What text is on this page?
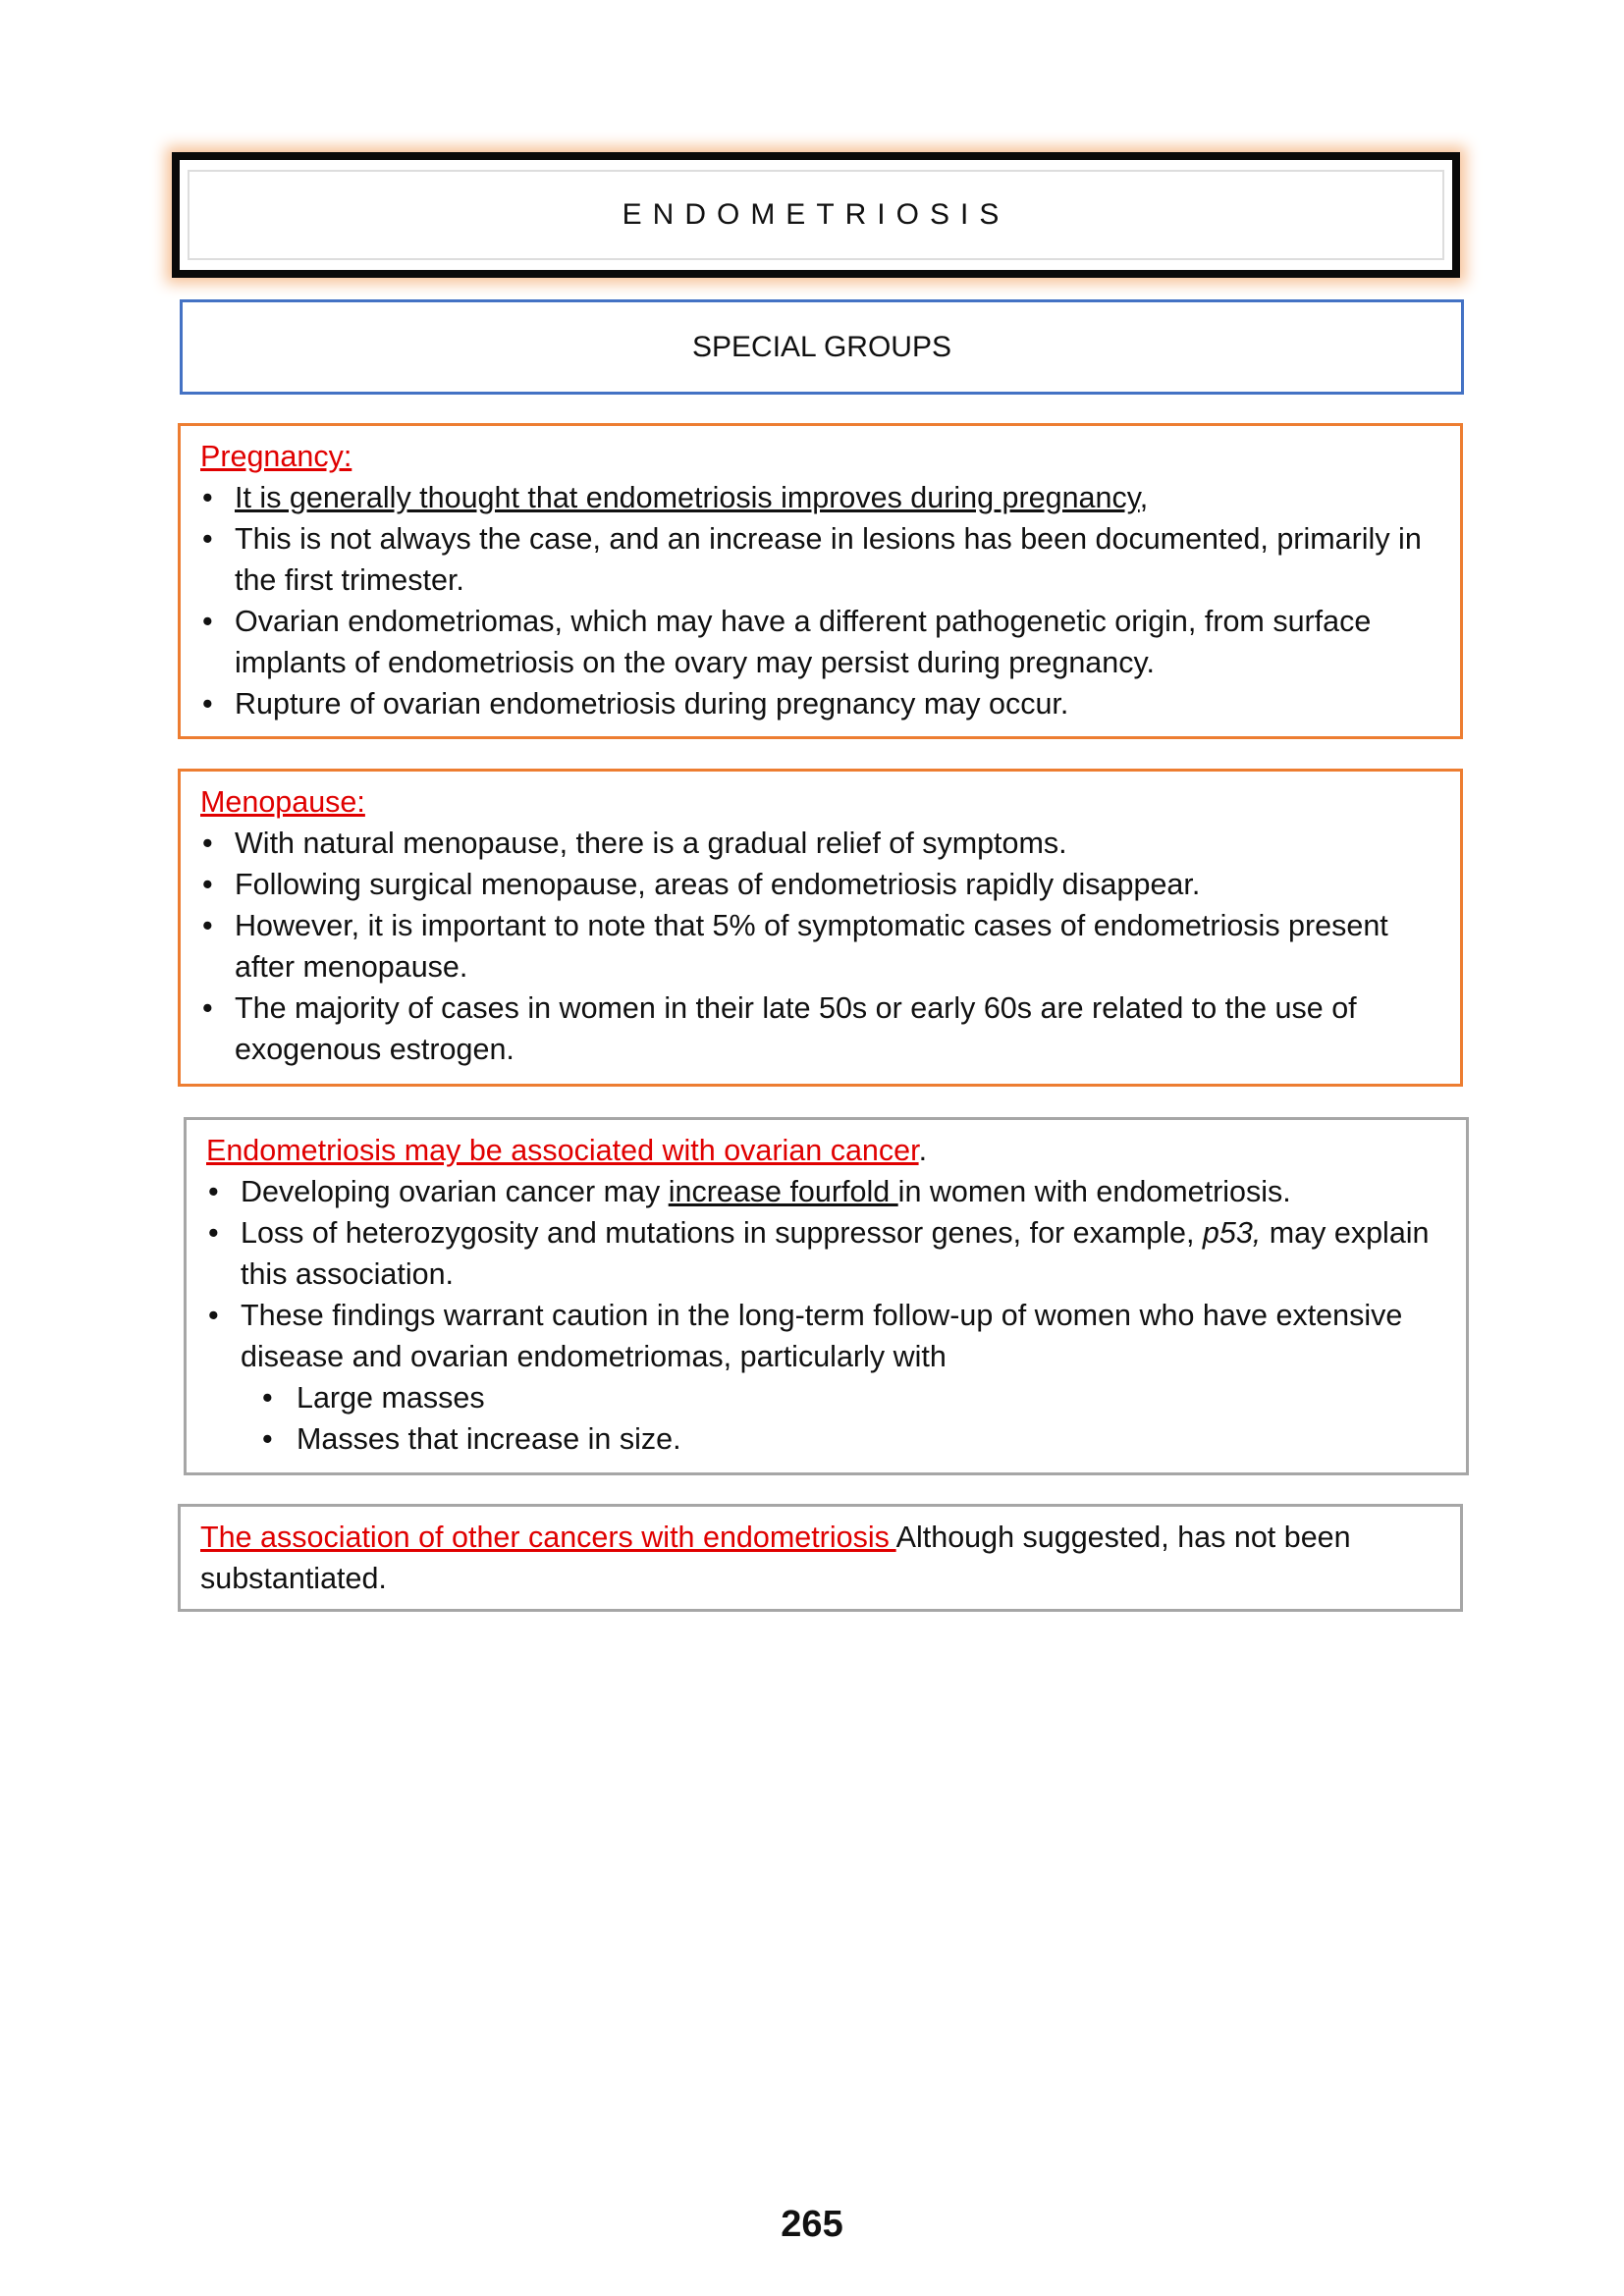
ENDOMETRIOSIS
SPECIAL GROUPS
Pregnancy:
• It is generally thought that endometriosis improves during pregnancy,
• This is not always the case, and an increase in lesions has been documented, primarily in the first trimester.
• Ovarian endometriomas, which may have a different pathogenetic origin, from surface implants of endometriosis on the ovary may persist during pregnancy.
• Rupture of ovarian endometriosis during pregnancy may occur.
Menopause:
• With natural menopause, there is a gradual relief of symptoms.
• Following surgical menopause, areas of endometriosis rapidly disappear.
• However, it is important to note that 5% of symptomatic cases of endometriosis present after menopause.
• The majority of cases in women in their late 50s or early 60s are related to the use of exogenous estrogen.
Endometriosis may be associated with ovarian cancer.
• Developing ovarian cancer may increase fourfold in women with endometriosis.
• Loss of heterozygosity and mutations in suppressor genes, for example, p53, may explain this association.
• These findings warrant caution in the long-term follow-up of women who have extensive disease and ovarian endometriomas, particularly with
• Large masses
• Masses that increase in size.
The association of other cancers with endometriosis Although suggested, has not been substantiated.
265
